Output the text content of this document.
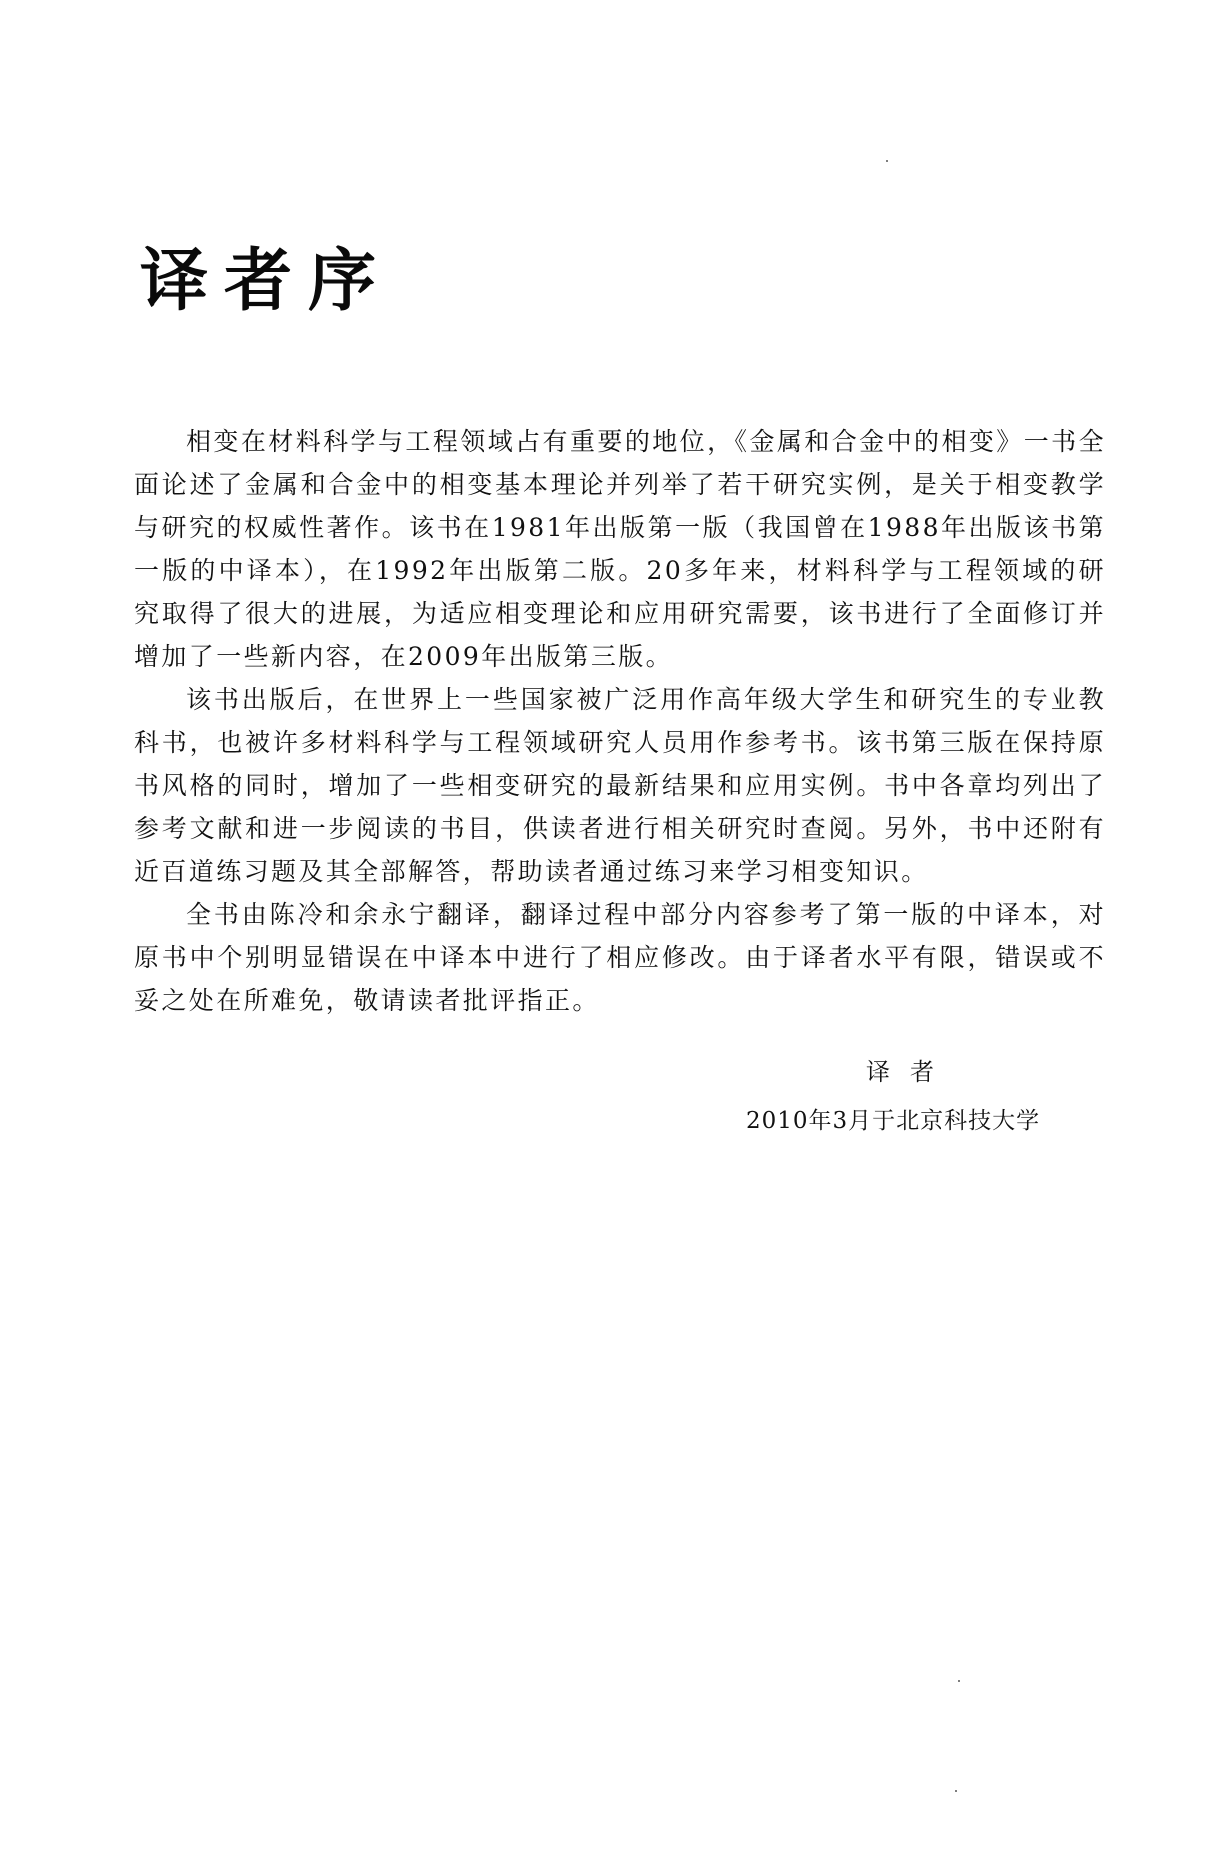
译者序

相变在材料科学与工程领域占有重要的地位，《金属和合金中的相变》一书全面论述了金属和合金中的相变基本理论并列举了若干研究实例，是关于相变教学与研究的权威性著作。该书在1981年出版第一版（我国曾在1988年出版该书第一版的中译本），在1992年出版第二版。20多年来，材料科学与工程领域的研究取得了很大的进展，为适应相变理论和应用研究需要，该书进行了全面修订并增加了一些新内容，在2009年出版第三版。

该书出版后，在世界上一些国家被广泛用作高年级大学生和研究生的专业教科书，也被许多材料科学与工程领域研究人员用作参考书。该书第三版在保持原书风格的同时，增加了一些相变研究的最新结果和应用实例。书中各章均列出了参考文献和进一步阅读的书目，供读者进行相关研究时查阅。另外，书中还附有近百道练习题及其全部解答，帮助读者通过练习来学习相变知识。

全书由陈冷和余永宁翻译，翻译过程中部分内容参考了第一版的中译本，对原书中个别明显错误在中译本中进行了相应修改。由于译者水平有限，错误或不妥之处在所难免，敬请读者批评指正。

译者
2010年3月于北京科技大学
